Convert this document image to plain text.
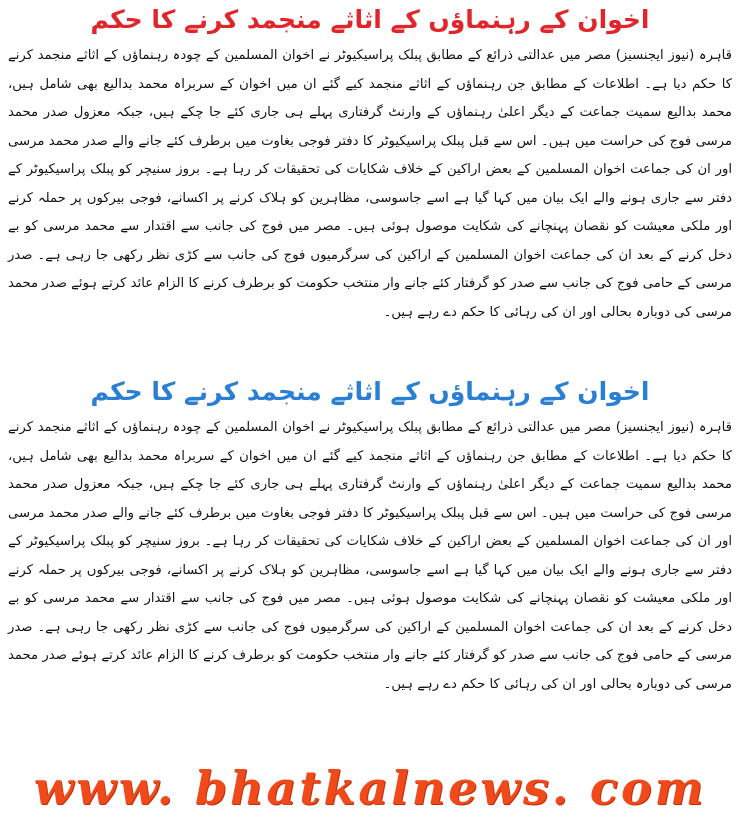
اخوان کے رہنماؤں کے اثاثے منجمد کرنے کا حکم

قاہرہ (نیوز ایجنسیز) مصر میں عدالتی ذرائع کے مطابق پبلک پراسیکیوٹر نے اخوان المسلمین کے چودہ رہنماؤں کے اثاثے منجمد کرنے کا حکم دیا ہے۔ اطلاعات کے مطابق جن رہنماؤں کے اثاثے منجمد کیے گئے ان میں اخوان کے سربراہ محمد بدالیع بھی شامل ہیں، محمد بدالیع سمیت جماعت کے دیگر اعلیٰ رہنماؤں کے وارنٹ گرفتاری پہلے ہی جاری کئے جا چکے ہیں، جبکہ معزول صدر محمد مرسی فوج کی حراست میں ہیں۔ اس سے قبل پبلک پراسیکیوٹر کا دفتر فوجی بغاوت میں برطرف کئے جانے والے صدر محمد مرسی اور ان کی جماعت اخوان المسلمین کے بعض اراکین کے خلاف شکایات کی تحقیقات کر رہا ہے۔ بروز سنیچر کو پبلک پراسیکیوٹر کے دفتر سے جاری ہونے والے ایک بیان میں کہا گیا ہے اسے جاسوسی، مظاہرین کو ہلاک کرنے پر اکسانے، فوجی بیرکوں پر حملہ کرنے اور ملکی معیشت کو نقصان پہنچانے کی شکایت موصول ہوئی ہیں۔ مصر میں فوج کی جانب سے اقتدار سے محمد مرسی کو بے دخل کرنے کے بعد ان کی جماعت اخوان المسلمین کے اراکین کی سرگرمیوں فوج کی جانب سے کڑی نظر رکھی جا رہی ہے۔ صدر مرسی کے حامی فوج کی جانب سے صدر کو گرفتار کئے جانے وار منتخب حکومت کو برطرف کرنے کا الزام عائد کرتے ہوئے صدر محمد مرسی کی دوبارہ بحالی اور ان کی رہائی کا حکم دے رہے ہیں۔

اخوان کے رہنماؤں کے اثاثے منجمد کرنے کا حکم

قاہرہ (نیوز ایجنسیز) مصر میں عدالتی ذرائع کے مطابق پبلک پراسیکیوٹر نے اخوان المسلمین کے چودہ رہنماؤں کے اثاثے منجمد کرنے کا حکم دیا ہے۔ اطلاعات کے مطابق جن رہنماؤں کے اثاثے منجمد کیے گئے ان میں اخوان کے سربراہ محمد بدالیع بھی شامل ہیں، محمد بدالیع سمیت جماعت کے دیگر اعلیٰ رہنماؤں کے وارنٹ گرفتاری پہلے ہی جاری کئے جا چکے ہیں، جبکہ معزول صدر محمد مرسی فوج کی حراست میں ہیں۔ اس سے قبل پبلک پراسیکیوٹر کا دفتر فوجی بغاوت میں برطرف کئے جانے والے صدر محمد مرسی اور ان کی جماعت اخوان المسلمین کے بعض اراکین کے خلاف شکایات کی تحقیقات کر رہا ہے۔ بروز سنیچر کو پبلک پراسیکیوٹر کے دفتر سے جاری ہونے والے ایک بیان میں کہا گیا ہے اسے جاسوسی، مظاہرین کو ہلاک کرنے پر اکسانے، فوجی بیرکوں پر حملہ کرنے اور ملکی معیشت کو نقصان پہنچانے کی شکایت موصول ہوئی ہیں۔ مصر میں فوج کی جانب سے اقتدار سے محمد مرسی کو بے دخل کرنے کے بعد ان کی جماعت اخوان المسلمین کے اراکین کی سرگرمیوں فوج کی جانب سے کڑی نظر رکھی جا رہی ہے۔ صدر مرسی کے حامی فوج کی جانب سے صدر کو گرفتار کئے جانے وار منتخب حکومت کو برطرف کرنے کا الزام عائد کرتے ہوئے صدر محمد مرسی کی دوبارہ بحالی اور ان کی رہائی کا حکم دے رہے ہیں۔

www. bhatkalnews. com
